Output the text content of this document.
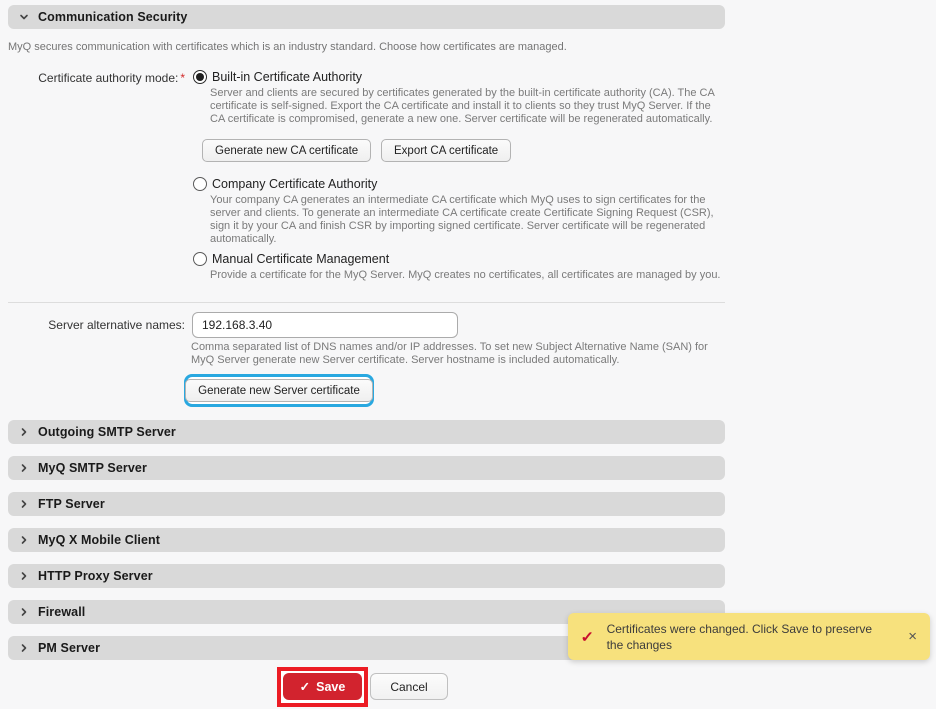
Communication Security
MyQ secures communication with certificates which is an industry standard. Choose how certificates are managed.
Certificate authority mode: * Built-in Certificate Authority
Server and clients are secured by certificates generated by the built-in certificate authority (CA). The CA certificate is self-signed. Export the CA certificate and install it to clients so they trust MyQ Server. If the CA certificate is compromised, generate a new one. Server certificate will be regenerated automatically.
Generate new CA certificate	Export CA certificate
Company Certificate Authority
Your company CA generates an intermediate CA certificate which MyQ uses to sign certificates for the server and clients. To generate an intermediate CA certificate create Certificate Signing Request (CSR), sign it by your CA and finish CSR by importing signed certificate. Server certificate will be regenerated automatically.
Manual Certificate Management
Provide a certificate for the MyQ Server. MyQ creates no certificates, all certificates are managed by you.
Server alternative names:
192.168.3.40
Comma separated list of DNS names and/or IP addresses. To set new Subject Alternative Name (SAN) for MyQ Server generate new Server certificate. Server hostname is included automatically.
Generate new Server certificate
Outgoing SMTP Server
MyQ SMTP Server
FTP Server
MyQ X Mobile Client
HTTP Proxy Server
Firewall
PM Server
✓ Certificates were changed. Click Save to preserve the changes	×
✓ Save	Cancel
